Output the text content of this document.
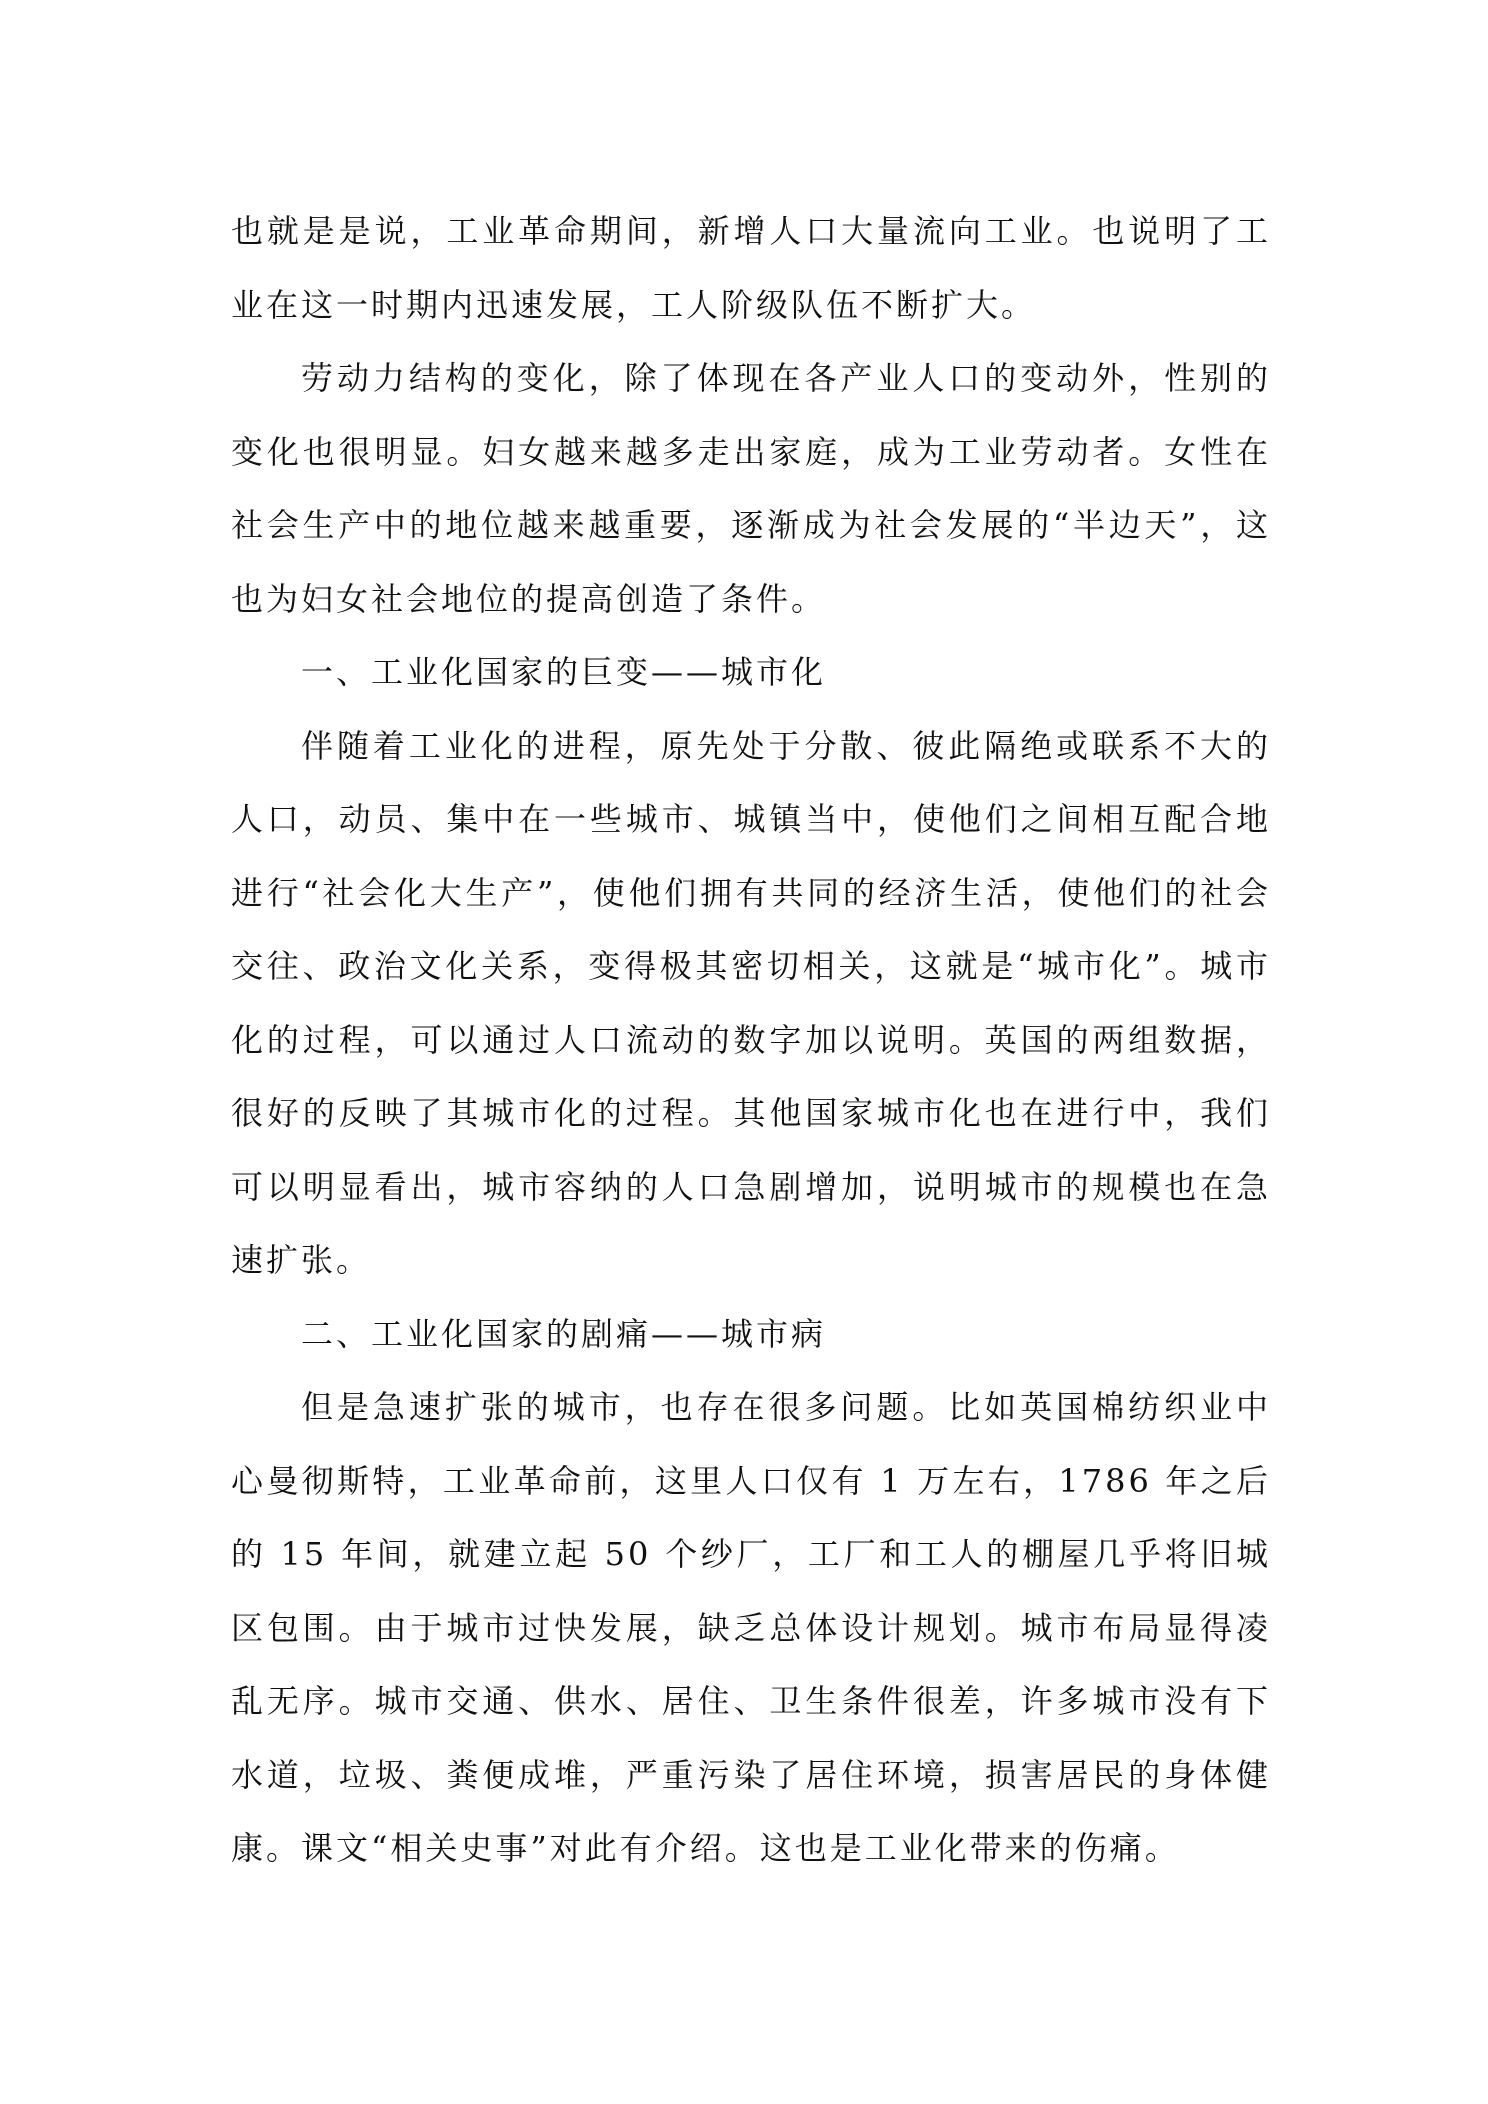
也就是是说，工业革命期间，新增人口大量流向工业。也说明了工业在这一时期内迅速发展，工人阶级队伍不断扩大。

劳动力结构的变化，除了体现在各产业人口的变动外，性别的变化也很明显。妇女越来越多走出家庭，成为工业劳动者。女性在社会生产中的地位越来越重要，逐渐成为社会发展的“半边天”，这也为妇女社会地位的提高创造了条件。

一、工业化国家的巨变——城市化

伴随着工业化的进程，原先处于分散、彼此隔绝或联系不大的人口，动员、集中在一些城市、城镇当中，使他们之间相互配合地进行“社会化大生产”，使他们拥有共同的经济生活，使他们的社会交往、政治文化关系，变得极其密切相关，这就是“城市化”。城市化的过程，可以通过人口流动的数字加以说明。英国的两组数据，很好的反映了其城市化的过程。其他国家城市化也在进行中，我们可以明显看出，城市容纳的人口急剧增加，说明城市的规模也在急速扩张。

二、工业化国家的剧痛——城市病

但是急速扩张的城市，也存在很多问题。比如英国棉纺织业中心曼彻斯特，工业革命前，这里人口仅有 1 万左右，1786 年之后的 15 年间，就建立起 50 个纱厂，工厂和工人的棚屋几乎将旧城区包围。由于城市过快发展，缺乏总体设计规划。城市布局显得凌乱无序。城市交通、供水、居住、卫生条件很差，许多城市没有下水道，垃圾、粪便成堆，严重污染了居住环境，损害居民的身体健康。课文“相关史事”对此有介绍。这也是工业化带来的伤痛。
